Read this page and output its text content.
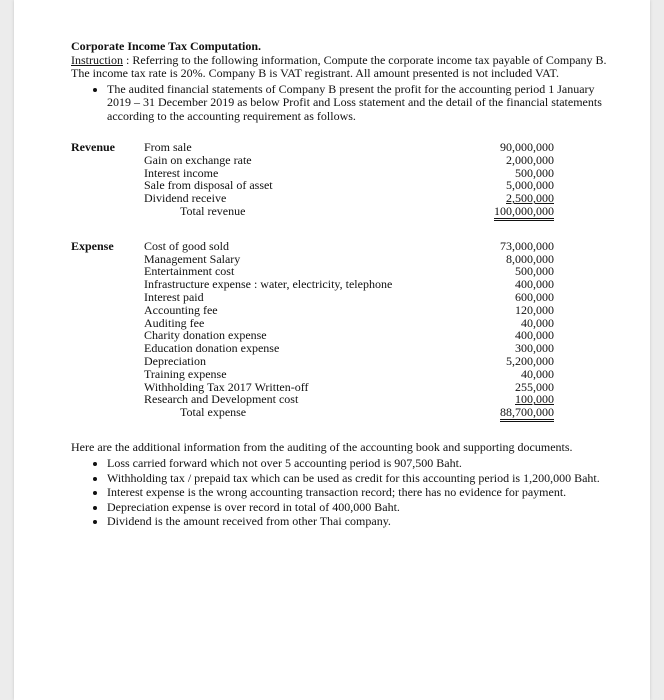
Corporate Income Tax Computation.

Instruction : Referring to the following information, Compute the corporate income tax payable of Company B. The income tax rate is 20%. Company B is VAT registrant. All amount presented is not included VAT.

• The audited financial statements of Company B present the profit for the accounting period 1 January 2019 – 31 December 2019 as below Profit and Loss statement and the detail of the financial statements according to the accounting requirement as follows.
Revenue From sale	90,000,000
Gain on exchange rate	2,000,000
Interest income	500,000
Sale from disposal of asset	5,000,000
Dividend receive	2,500,000
Total revenue	100,000,000
Expense	Cost of good sold	73,000,000
Management Salary	8,000,000
Entertainment cost	500,000
Infrastructure expense : water, electricity, telephone	400,000
Interest paid	600,000
Accounting fee	120,000
Auditing fee	40,000
Charity donation expense	400,000
Education donation expense	300,000
Depreciation	5,200,000
Training expense	40,000
Withholding Tax 2017 Written-off	255,000
Research and Development cost	100,000
Total expense	88,700,000

Here are the additional information from the auditing of the accounting book and supporting documents.

• Loss carried forward which not over 5 accounting period is 907,500 Baht.
• Withholding tax / prepaid tax which can be used as credit for this accounting period is 1,200,000 Baht.
• Interest expense is the wrong accounting transaction record; there has no evidence for payment.
• Depreciation expense is over record in total of 400,000 Baht.
• Dividend is the amount received from other Thai company.
